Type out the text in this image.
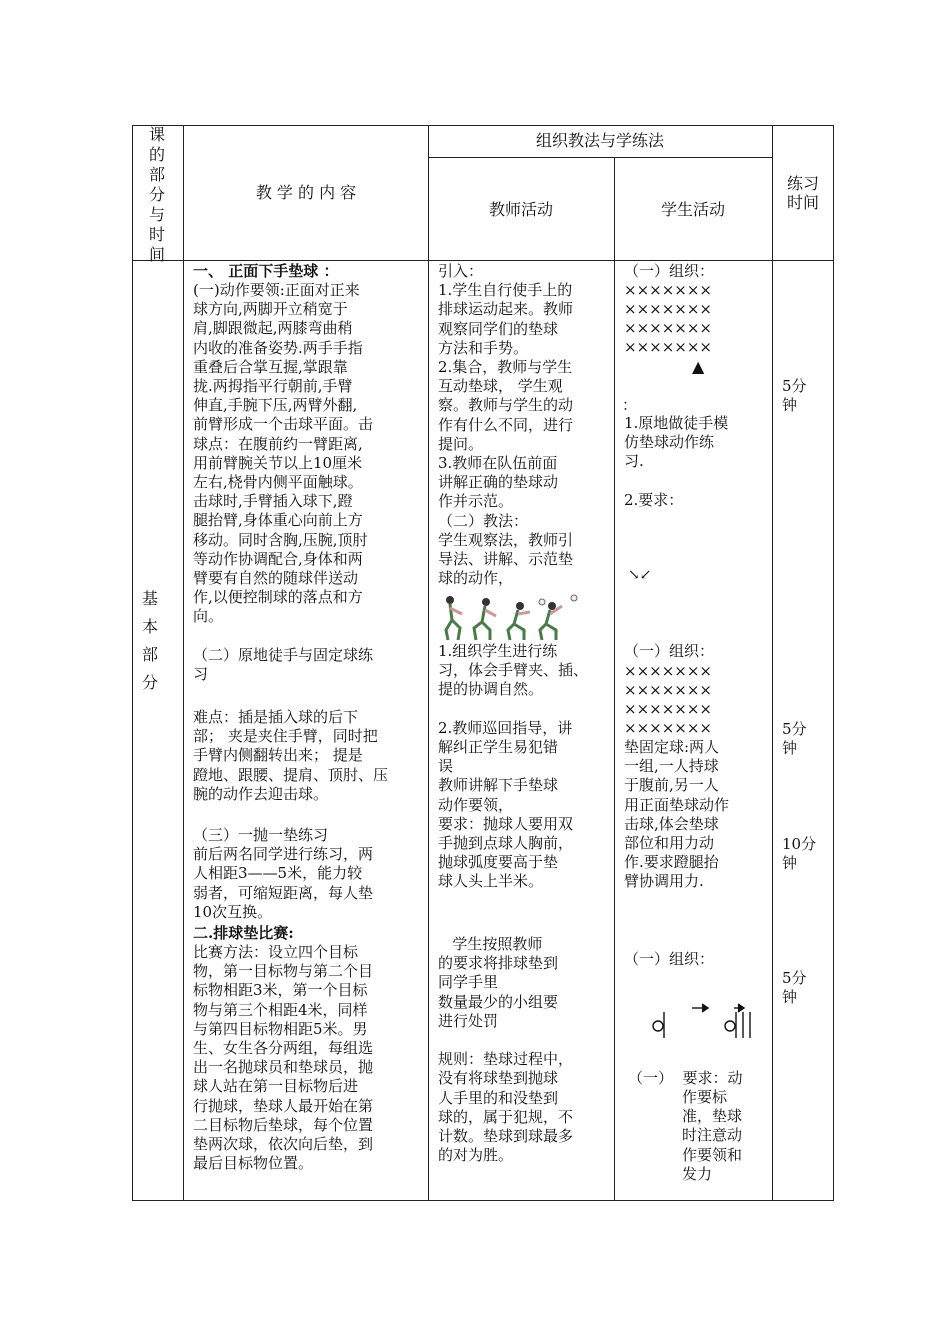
课
的
部
分
与
时
间
教 学 的 内 容
组织教法与学练法
教师活动	学生活动
练习
时间
基
本
部
分
一、 正面下手垫球 ：
(一)动作要领:正面对正来
球方向,两脚开立稍宽于
肩,脚跟微起,两膝弯曲稍
内收的准备姿势.两手手指
重叠后合掌互握,掌跟靠
拢.两拇指平行朝前,手臂
伸直,手腕下压,两臂外翻,
前臂形成一个击球平面。击
球点：在腹前约一臂距离,
用前臂腕关节以上10厘米
左右,桡骨内侧平面触球。
击球时,手臂插入球下,蹬
腿抬臂,身体重心向前上方
移动。同时含胸,压腕,顶肘
等动作协调配合,身体和两
臂要有自然的随球伴送动
作,以便控制球的落点和方
向。
（二）原地徒手与固定球练
习
难点：插是插入球的后下
部； 夹是夹住手臂，同时把
手臂内侧翻转出来； 提是
蹬地、跟腰、提肩、顶肘、压
腕的动作去迎击球。
（三）一抛一垫练习
前后两名同学进行练习，两
人相距3——5米，能力较
弱者，可缩短距离，每人垫
10次互换。
二.排球垫比赛:
比赛方法：设立四个目标
物，第一目标物与第二个目
标物相距3米，第一个目标
物与第三个相距4米，同样
与第四目标物相距5米。男
生、女生各分两组，每组选
出一名抛球员和垫球员，抛
球人站在第一目标物后进
行抛球，垫球人最开始在第
二目标物后垫球，每个位置
垫两次球，依次向后垫，到
最后目标物位置。
引入：
1.学生自行使手上的
排球运动起来。教师
观察同学们的垫球
方法和手势。
2.集合，教师与学生
互动垫球， 学生观
察。教师与学生的动
作有什么不同，进行
提问。
3.教师在队伍前面
讲解正确的垫球动
作并示范。
（二）教法：
学生观察法，教师引
导法、讲解、示范垫
球的动作，
1.组织学生进行练
习，体会手臂夹、插、
提的协调自然。

2.教师巡回指导，讲
解纠正学生易犯错
误
教师讲解下手垫球
动作要领，
要求：抛球人要用双
手抛到点球人胸前，
抛球弧度要高于垫
球人头上半米。
学生按照教师
的要求将排球垫到
同学手里
数量最少的小组要
进行处罚

规则：垫球过程中，
没有将球垫到抛球
人手里的和没垫到
球的，属于犯规，不
计数。垫球到球最多
的对为胜。
（一）组织：
×××××××
×××××××
×××××××
×××××××
▲
：
1.原地做徒手模
仿垫球动作练
习.

2.要求：
↘↙
（一）组织：
×××××××
×××××××
×××××××
×××××××
垫固定球:两人
一组,一人持球
于腹前,另一人
用正面垫球动作
击球,体会垫球
部位和用力动
作.要求蹬腿抬
臂协调用力.
（一）组织：
（一）  要求：动
作要标
准，垫球
时注意动
作要领和
发力
5分
钟
5分
钟
10分
钟
5分
钟
